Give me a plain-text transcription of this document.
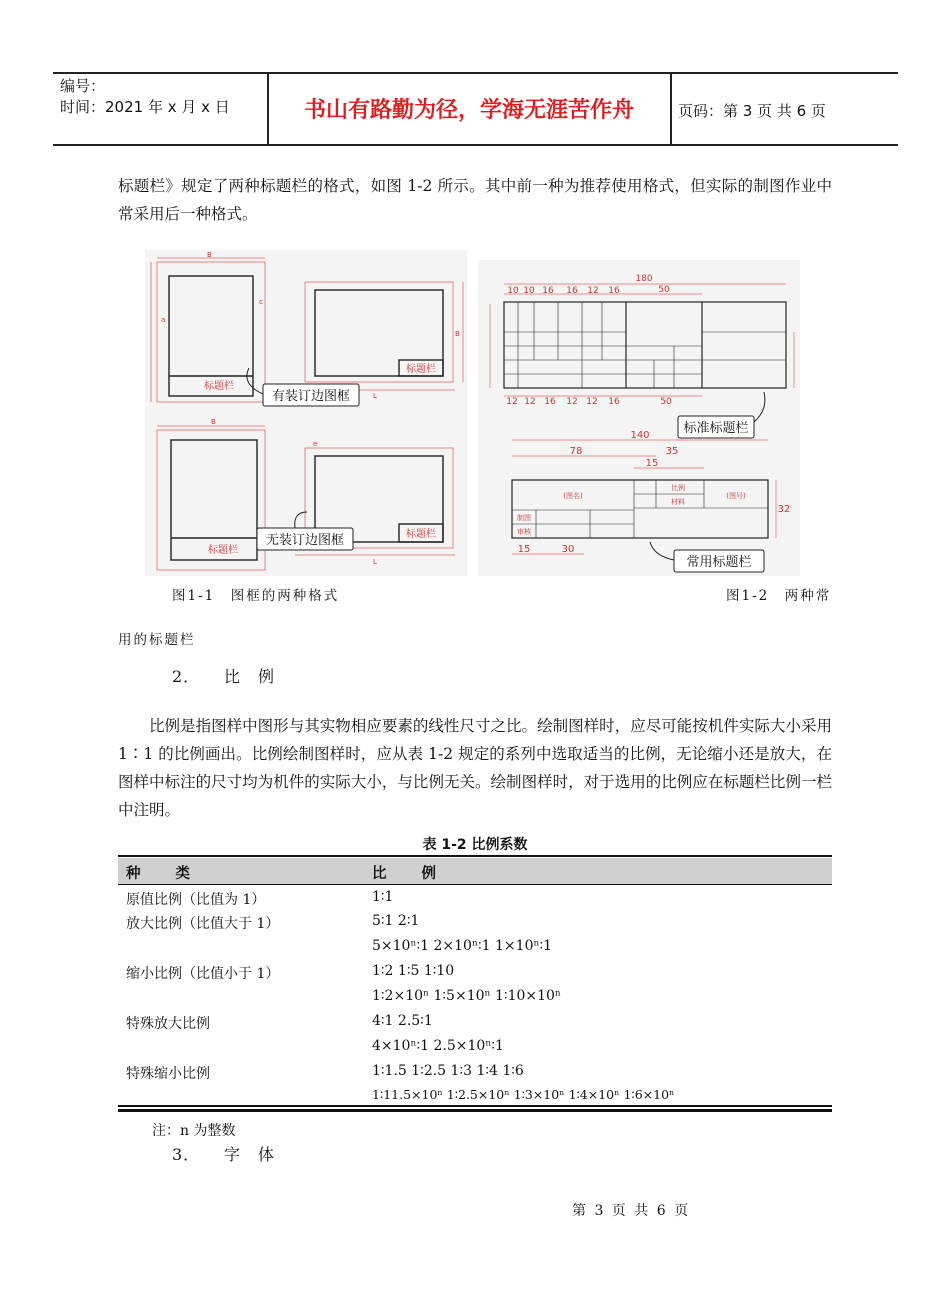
编号：
时间：2021 年 x 月 x 日	书山有路勤为径，学海无涯苦作舟	页码：第 3 页 共 6 页
标题栏》规定了两种标题栏的格式，如图 1-2 所示。其中前一种为推荐使用格式，但实际的制图作业中常采用后一种格式。
标题栏
标题栏
标题栏
标题栏
B
L
B
L
B
a
c
e
有装订边图框
无装订边图框
180
50
10 10 16 16 12 16
12 12 16 12 12 16	50
标准标题栏
140
78	35
15
15	30
32
(图名)
比例
材料
(图号)
制图
审核
常用标题栏
图1-1　图框的两种格式	图1-2　两种常
用的标题栏
2． 比　例
比例是指图样中图形与其实物相应要素的线性尺寸之比。绘制图样时，应尽可能按机件实际大小采用 1∶1 的比例画出。比例绘制图样时，应从表 1-2 规定的系列中选取适当的比例，无论缩小还是放大，在图样中标注的尺寸均为机件的实际大小，与比例无关。绘制图样时，对于选用的比例应在标题栏比例一栏中注明。
表 1-2 比例系数
种　　类	比　　例
原值比例（比值为 1）	1∶1
放大比例（比值大于 1）	5∶1 2∶1
5×10ⁿ∶1 2×10ⁿ∶1 1×10ⁿ∶1
缩小比例（比值小于 1）	1∶2 1∶5 1∶10
1∶2×10ⁿ 1∶5×10ⁿ 1∶10×10ⁿ
特殊放大比例	4∶1 2.5∶1
4×10ⁿ∶1 2.5×10ⁿ∶1
特殊缩小比例	1∶1.5 1∶2.5 1∶3 1∶4 1∶6
1∶11.5×10ⁿ 1∶2.5×10ⁿ 1∶3×10ⁿ 1∶4×10ⁿ 1∶6×10ⁿ
注：n 为整数
3． 字　体
第 3 页 共 6 页
